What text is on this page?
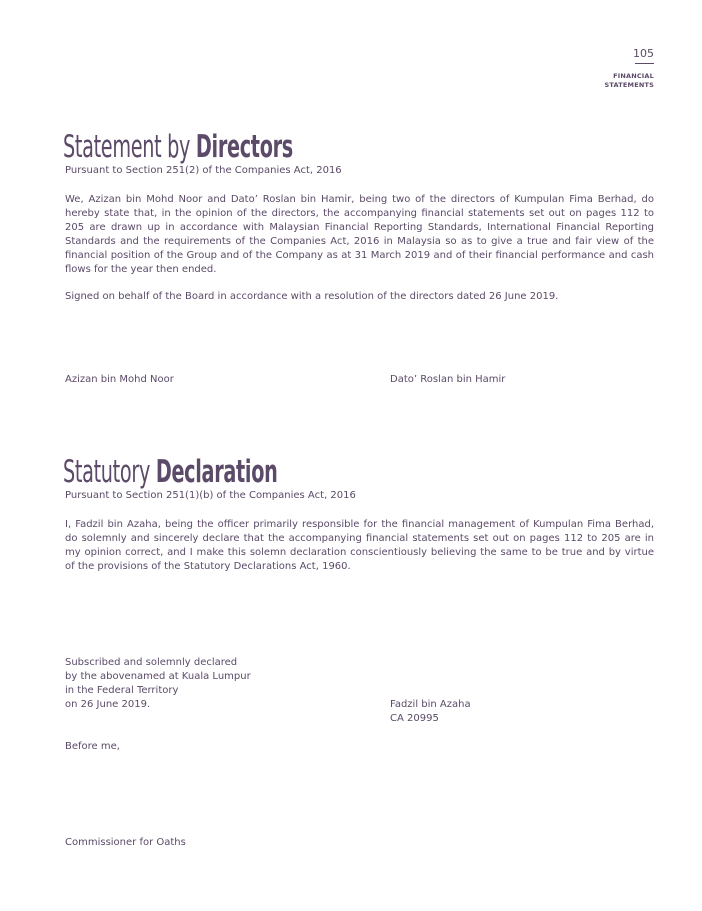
105
FINANCIAL
STATEMENTS
Statement by Directors
Pursuant to Section 251(2) of the Companies Act, 2016
We, Azizan bin Mohd Noor and Dato’ Roslan bin Hamir, being two of the directors of Kumpulan Fima Berhad, do hereby state that, in the opinion of the directors, the accompanying financial statements set out on pages 112 to 205 are drawn up in accordance with Malaysian Financial Reporting Standards, International Financial Reporting Standards and the requirements of the Companies Act, 2016 in Malaysia so as to give a true and fair view of the financial position of the Group and of the Company as at 31 March 2019 and of their financial performance and cash flows for the year then ended.
Signed on behalf of the Board in accordance with a resolution of the directors dated 26 June 2019.
Azizan bin Mohd Noor	Dato’ Roslan bin Hamir
Statutory Declaration
Pursuant to Section 251(1)(b) of the Companies Act, 2016
I, Fadzil bin Azaha, being the officer primarily responsible for the financial management of Kumpulan Fima Berhad, do solemnly and sincerely declare that the accompanying financial statements set out on pages 112 to 205 are in my opinion correct, and I make this solemn declaration conscientiously believing the same to be true and by virtue of the provisions of the Statutory Declarations Act, 1960.
Subscribed and solemnly declared
by the abovenamed at Kuala Lumpur
in the Federal Territory
on 26 June 2019.	Fadzil bin Azaha
CA 20995
Before me,
Commissioner for Oaths
